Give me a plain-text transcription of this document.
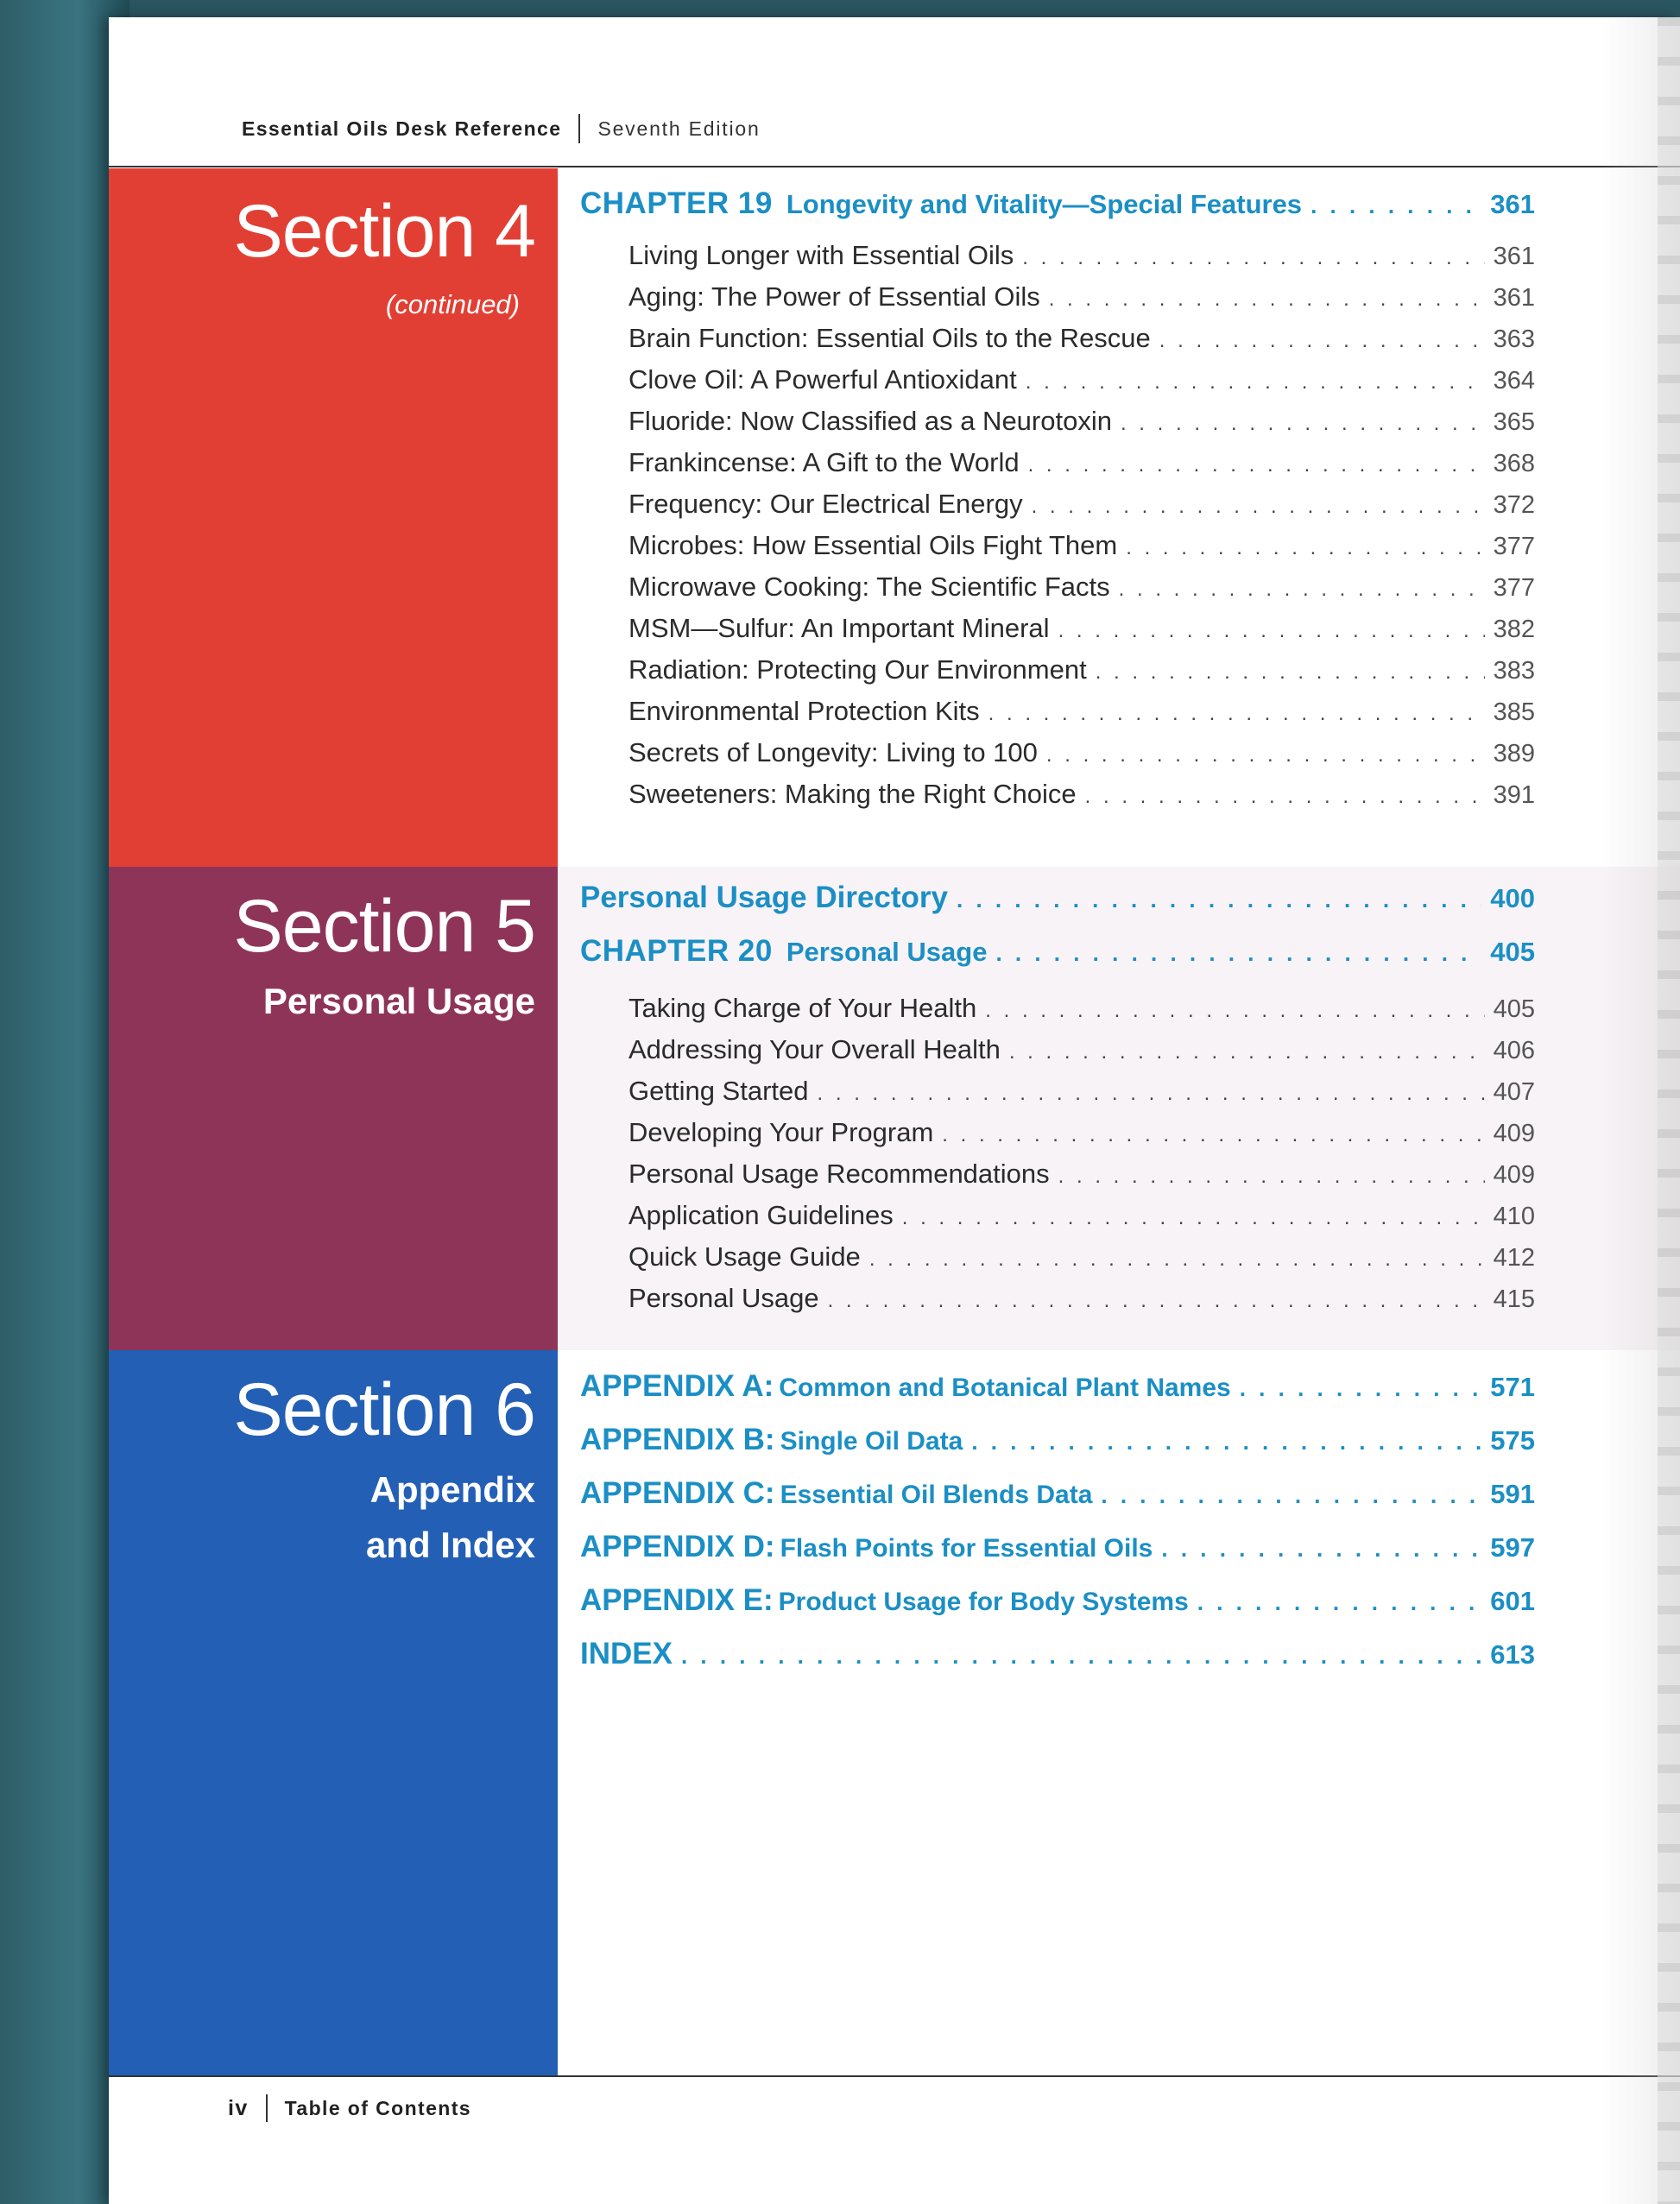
Essential Oils Desk Reference Seventh Edition
Section 4
(continued)
CHAPTER 19 Longevity and Vitality—Special Features . . .	361
Living Longer with Essential Oils . . .	361
Aging: The Power of Essential Oils . . .	361
Brain Function: Essential Oils to the Rescue . . .	363
Clove Oil: A Powerful Antioxidant . . .	364
Fluoride: Now Classified as a Neurotoxin . . .	365
Frankincense: A Gift to the World . . .	368
Frequency: Our Electrical Energy . . .	372
Microbes: How Essential Oils Fight Them . . .	377
Microwave Cooking: The Scientific Facts . . .	377
MSM—Sulfur: An Important Mineral . . .	382
Radiation: Protecting Our Environment . . .	383
Environmental Protection Kits . . .	385
Secrets of Longevity: Living to 100 . . .	389
Sweeteners: Making the Right Choice . . .	391
Section 5
Personal Usage
Personal Usage Directory . . .	400
CHAPTER 20 Personal Usage . . .	405
Taking Charge of Your Health . . .	405
Addressing Your Overall Health . . .	406
Getting Started . . .	407
Developing Your Program . . .	409
Personal Usage Recommendations . . .	409
Application Guidelines . . .	410
Quick Usage Guide . . .	412
Personal Usage . . .	415
Section 6
Appendix
and Index
APPENDIX A: Common and Botanical Plant Names . . .	571
APPENDIX B: Single Oil Data . . .	575
APPENDIX C: Essential Oil Blends Data . . .	591
APPENDIX D: Flash Points for Essential Oils . . .	597
APPENDIX E: Product Usage for Body Systems . . .	601
INDEX . . .	613
iv Table of Contents
